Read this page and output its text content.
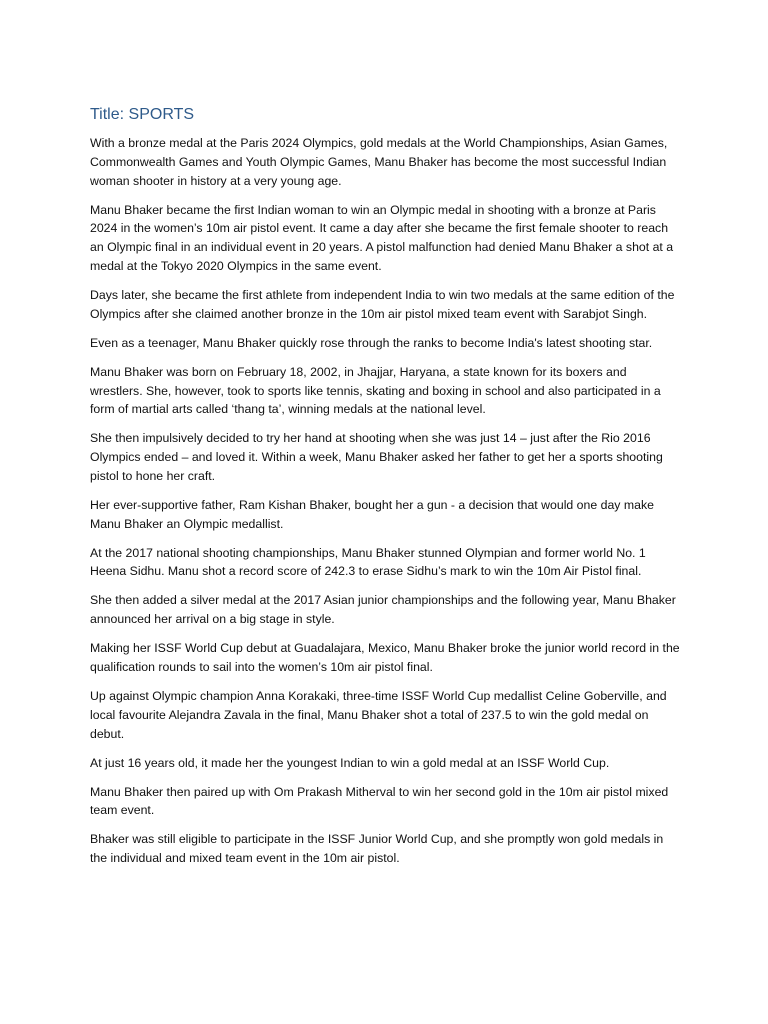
Title: SPORTS

With a bronze medal at the Paris 2024 Olympics, gold medals at the World Championships, Asian Games, Commonwealth Games and Youth Olympic Games, Manu Bhaker has become the most successful Indian woman shooter in history at a very young age.

Manu Bhaker became the first Indian woman to win an Olympic medal in shooting with a bronze at Paris 2024 in the women’s 10m air pistol event. It came a day after she became the first female shooter to reach an Olympic final in an individual event in 20 years. A pistol malfunction had denied Manu Bhaker a shot at a medal at the Tokyo 2020 Olympics in the same event.

Days later, she became the first athlete from independent India to win two medals at the same edition of the Olympics after she claimed another bronze in the 10m air pistol mixed team event with Sarabjot Singh.

Even as a teenager, Manu Bhaker quickly rose through the ranks to become India's latest shooting star.

Manu Bhaker was born on February 18, 2002, in Jhajjar, Haryana, a state known for its boxers and wrestlers. She, however, took to sports like tennis, skating and boxing in school and also participated in a form of martial arts called ‘thang ta’, winning medals at the national level.

She then impulsively decided to try her hand at shooting when she was just 14 – just after the Rio 2016 Olympics ended – and loved it. Within a week, Manu Bhaker asked her father to get her a sports shooting pistol to hone her craft.

Her ever-supportive father, Ram Kishan Bhaker, bought her a gun - a decision that would one day make Manu Bhaker an Olympic medallist.

At the 2017 national shooting championships, Manu Bhaker stunned Olympian and former world No. 1 Heena Sidhu. Manu shot a record score of 242.3 to erase Sidhu’s mark to win the 10m Air Pistol final.

She then added a silver medal at the 2017 Asian junior championships and the following year, Manu Bhaker announced her arrival on a big stage in style.

Making her ISSF World Cup debut at Guadalajara, Mexico, Manu Bhaker broke the junior world record in the qualification rounds to sail into the women’s 10m air pistol final.

Up against Olympic champion Anna Korakaki, three-time ISSF World Cup medallist Celine Goberville, and local favourite Alejandra Zavala in the final, Manu Bhaker shot a total of 237.5 to win the gold medal on debut.

At just 16 years old, it made her the youngest Indian to win a gold medal at an ISSF World Cup.

Manu Bhaker then paired up with Om Prakash Mitherval to win her second gold in the 10m air pistol mixed team event.

Bhaker was still eligible to participate in the ISSF Junior World Cup, and she promptly won gold medals in the individual and mixed team event in the 10m air pistol.
